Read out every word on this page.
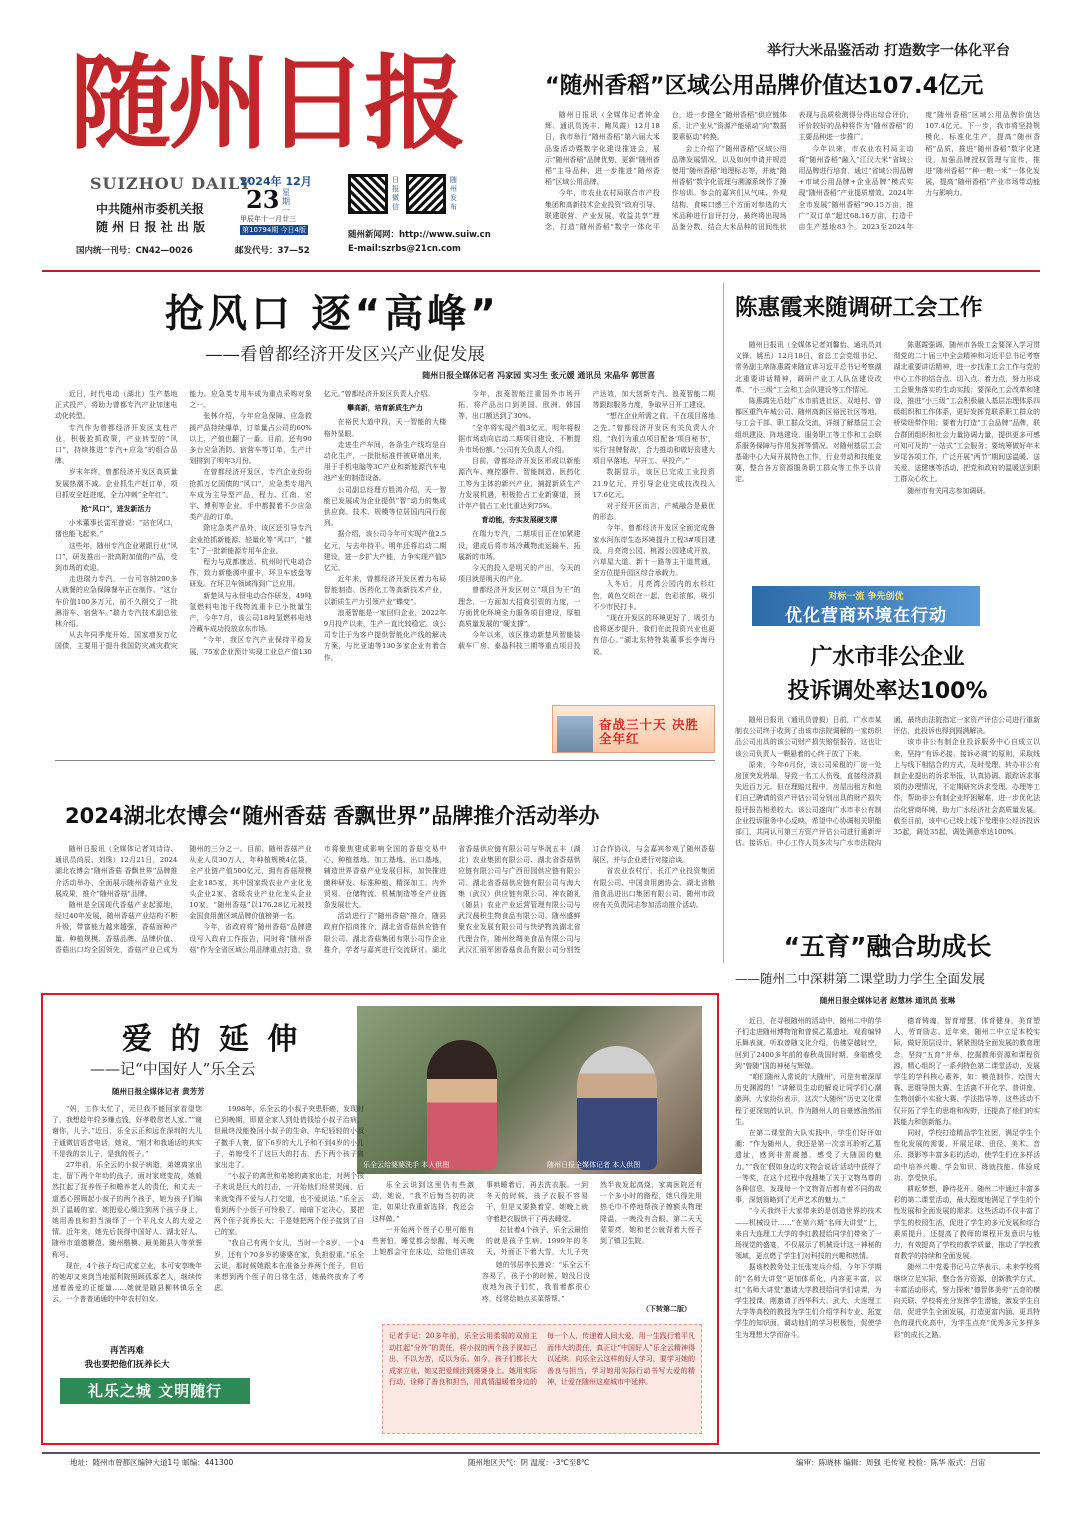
随州日报
SUIZHOU DAILY
中共随州市委机关报
随 州 日 报 社 出 版
2024年 12月
23 星期一
甲辰年十一月廿三
第10794期 今日4版
日报微信
随州发布
随州新闻网：http://www.suiw.cn
国内统一刊号：CN42—0026	邮发代号：37—52	E-mail:szrbs@21cn.com
举行大米品鉴活动 打造数字一体化平台
“随州香稻”区域公用品牌价值达107.4亿元

随州日报讯（全媒体记者钟金辉、通讯员汤丰、鲍凤霞）12月18日，我市举行“随州香稻”第六届大米品鉴活动暨数字化建设推进会，展示“随州香稻”品牌优势，更新“随州香稻”主导品种，进一步推进“随州香稻”区域公用品牌。

今年，市农业农村局联合市产投集团和高新技术企业投资“政府引导、联建联营、产业发展、收益共享”理念，打造“随州香稻”数字一体化平台，进一步健全“随州香稻”供应链体系，让产业从“资源产能驱动”向“数据要素驱动”转换。

会上介绍了“随州香稻”区域公用品牌发展情况，以及如何申请并规范使用“随州香稻”地理标志等，并就“随州香稻”数字化管理与溯源系统作了操作培训。参会的嘉宾们从气味、外观结构、食味口感三个方面对参选的大米品种进行盲评打分，最终将出现场品鉴分数，结合大米品种的田间性状表现与品质检测得分得出综合评价，评价较好的品种将作为“随州香稻”的主要品种进一步推广。

今年以来，市农业农村局主动将“随州香稻”融入“江汉大米”省域公用品牌进行培育，通过“省域公用品牌+市域公用品牌+企业品牌”模式实现“随州香稻”产业提质增效。2024年全市发展“随州香稻”90.15万亩，推广“双订单”超过68.16万亩，打造千亩生产基地83个。2023至2024年度“随州香稻”区域公用品牌价值达107.4亿元。下一步，我市将坚持规模化、标准化生产，提高“随州香稻”品质，推进“随州香稻”数字化建设，加强品牌授权管理与宣传，推进“随州香稻”“种一粮一米”一体化发展，提高“随州香稻”产业市场带动能力与影响力。

抢风口 逐“高峰”
——看曾都经济开发区兴产业促发展
随州日报全媒体记者 冯家园 实习生 张元媛 通讯员 宋晶华 郭世喜

近日，时代电动（湖北）生产基地正式投产，将助力曾都专汽产业加速电动化转型。

专汽作为曾都经济开发区支柱产业，积极抢抓政策，产业转型的“风口”，持续推进“专汽+应急”的组合品牌。

岁末年终，曾都经济开发区高质量发展热潮不减。企业抓生产赶订单，项目抓安全赶进度，全力冲刺“全年红”。

抢“风口”，进发新活力

小米董事长雷军曾说：“站在风口，猪也能飞起来。”

这些年，随州专汽企业紧跟行业“风口”，研发推出一批高附加值的产品，受到市场的欢迎。

走进瑞力专汽，一台可容纳200多人就餐的应急保障餐车正在制作。“这台车价值100多万元，前不久刚交了一批淋浴车、宿营车。”瑞力专汽技术副总张林介绍。

从去年同季度开始，国家增发万亿国债，主要用于提升我国防灾减灾救灾能力。应急类专用车成为重点采购对象之一。

张林介绍，今年应急保障、应急救援产品持续爆单，订单量占公司的60%以上，产值也翻了一番。目前，还有90多台应急消防、宿营车等订单，生产计划排到了明年3月份。

在曾都经济开发区，专汽企业纷纷抢抓万亿国债的“风口”，应急类专用汽车成为主导型产品，程力、江南、宏宇、博利等企业，手中都握着不少应急类产品的订单。

除应急类产品外，该区还引导专汽企业抢抓新能源、轻量化等“风口”，“催生”了一批新能源专用车企业。

程力与成都康达、杭州时代电动合作，致力新能源中重卡，环卫车底盘等研发。在环卫车领域得到广泛应用。

新楚风与永恒电动合作研发，49吨氢燃料电池干线物流重卡已小批量生产，今年7月，该公司18吨氢燃料电池冷藏车成功投放京东市场。

“今年，我区专汽产业保持平稳发展，75家企业预计实现工业总产值130亿元。”曾都经济开发区负责人介绍。

攀高新，培育新质生产力

在裕民大道中段，天一智能的大楼格外显眼。

走进生产车间，各条生产线均是自动化生产，一批批标准件被研磨出来，用于手机电脑等3C产业和新能源汽车电池产业的制造设备。

公司副总经理方胜鸿介绍，天一智能已发展成为企业提供“智”动力的集成供应商。技术、规模等位居国内同行前列。

据介绍，该公司今年可实现产值2.5亿元，与去年持平。明年还将启动二期建设，进一步扩大产能，力争实现产值5亿元。

近年来，曾都经济开发区着力布局智能制造、医药化工等高新技术产业，以新质生产力引领产业“蝶变”。

浪菱智能是一家回归企业，2022年9月投产以来，生产一直比较稳定。该公司专注于为客户提供智能化产线的解决方案，与比亚迪等130多家企业有着合作。

今年，浪菱智能注重国外市场开拓，将产品出口到美国、欧洲、韩国等，出口额达到了30%。

“全年将实现产值3亿元，明年将根据市场动向启动二期项目建设，不断提升市场份额。”公司有关负责人介绍。

目前，曾都经济开发区形成以新能源汽车、瘦控器件、智能制造、医药化工等为主体的新兴产业，捕捉新质生产力发展机遇，积极抢占工业新赛道，预计年产值占工业比重达到75%。

育动能，夯实发展硬支撑

在瑞力专汽，二期项目正在加紧建设，建成后将市场冷藏物流运输车，拓展新的市场。

今天的投入是明天的产出，今天的项目就是明天的产业。

曾都经济开发区树立“项目为王”的理念，一方面加大招商引资的力度，一方面优化环境全力服务项目建设，厚植高质量发展的“硬支撑”。

今年以来，该区推动新楚风智能装载车厂房、泰晶科技三期等重点项目投产达效，加大创新专汽、浪菱智能二期等跟踪服务力度，争取早日开工建设。

“想在企业所需之前，干在项目落地之先。”曾都经济开发区有关负责人介绍，“我们为重点项目配备‘项目秘书’，实行‘挂牌督战’，合力推动和做好资建大项目早落地、早开工、早投产。”

数据显示，该区已完成工业投资21.9亿元，并引导企业完成技改投入17.6亿元。

对于经开区而言，产城融合是最优的形态。

今年，曾都经济开发区全面完成鲁家水河东岸生态环境提升工程3#项目建设，月亮湾公园、桃源公园建成开放，六草屋大道、新十一路等主干道贯通，全方位提升园区综合承载力。

入冬后，月亮湾公园内的水杉红色，黄色交织在一起，色彩浓郁，吸引不少市民打卡。

“现在开发区的环境更好了，吸引力也将逐步提升，我们在此投资兴业也更有信心。”湖北东特特装董事长李海丹说。

奋战三十天 决胜全年红
陈惠霞来随调研工会工作

随州日报讯（全媒体记者刘馨怡、通讯员刘义锋、姚岳）12月18日，省总工会党组书记、常务副主席陈惠霞来随宣讲习近平总书记考察湖北重要讲话精神，调研产业工人队伍建设改革、“小三级”工会和工会队建设等工作情况。

陈惠霞先后赴广水市前进社区、双地村、曾都区重汽车城公司、随州高新区裕民社区等地，与工会干部、职工群众交流，详细了解基层工会组织建设、阵地建设、服务职工等工作和工会联系服务保障与作用发挥等情况。对随州基层工会基础中心大局开展特色工作，行业劳动和技能竞赛，整合各方资源服务职工群众等工作予以肯定。

陈惠霞强调，随州市各级工会要深入学习贯彻党的二十届三中全会精神和习近平总书记考察湖北重要讲话精神，进一步找准工会工作与党的中心工作的结合点、切入点、着力点，努力形成工会聚焦落实的生动实践；要深化工会改革和建设，推进“小三级”工会积极融入基层治理体系四级组织和工作体系，更好发挥党联系职工群众的桥梁纽带作用；要着力打造“工会品牌”品牌，联合群团组织和社会力量协调力量，提供更多可感可知可及的“一站式”工会服务；要统筹做好年末岁尾各项工作，广泛开展“两节”期间送温暖、送关爱、送健康等活动，把党和政府的温暖送到职工群众心坎上。

随州市有关同志参加调研。

对标一流 争先创优
优化营商环境在行动
广水市非公企业
投诉调处率达100%

随州日报讯（通讯员曾毅）日前，广水市某制衣公司终于收到了由该市法院调解的一家纺织品公司出具的该公司财产损失赔偿报告。这也让该公司负责人一颗悬着的心终于放了下来。

原来，今年6月份，该公司采租的厂房一处房顶突发坍塌，导致一名工人伤残，直接经济损失近百万元。但在理赔过程中，房屋出租方和他们自己聘请的资产评估公司分别出具的财产损失报评报告相差较大。该公司遂向广水市非公有制企业投诉服务中心反映，希望中心协调相关职能部门，共同认可第三方资产评估公司进行重新评估。接诉后，中心工作人员多次与广水市法院沟通，最终由法院指定一家资产评估公司进行重新评估，此投诉也得到圆满解决。

该市非公有制企业投诉服务中心自成立以来，坚持“有诉必接、接诉必调”的原则，采取线上与线下相结合的方式，及时受理、转办非公有制企业提出的诉求举报，认真协调、跟踪诉求事项的办理情况，不定期研究诉求受理、办理等工作，帮助非公有制企业纾困解难，进一步优化法治化营商环境，助力广水经济社会高质量发展。截至目前，该中心已线上线下受理非公经济投诉35起，调处35起，调处满意率达100%。

2024湖北农博会“随州香菇 香飘世界”品牌推介活动举办

随州日报讯（全媒体记者刘诗诗、通讯员尚辰、刘珠）12月21日，2024湖北农博会“随州香菇 香飘世界”品牌推介活动举办，全面展示随州香菇产业发展成果，推介“随州香菇”品牌。

随州是全国现代香菇产业起源地，经过40年发展，随州香菇产业结构不断升级，带富能力越来越强，香菇面种产量、种植规模、香菇品牌、品牌价值、香菇出口均全国领先，香菇产业已成为随州的三分之一。目前，随州香菇产业从业人员30万人，年种植规模4亿袋，全产业链产值500亿元，拥有香菇规模企业185家，其中国家级农业产业化龙头企业2家、省级农业产业化龙头企业10家。“随州香菇”以176.28亿元被授金国食用菌区域品牌价值榜第一名。

今年，省政府将“随州香菇”品牌建设写入政府工作报告，同时将“随州香菇”作为全省区域公用品牌重点打造，我市将聚焦建成影响全国的香菇交易中心、种植基地、加工基地、出口基地，辅造世界香菇产业发展目标，加快推进菌种研发、标准种植、精深加工、内外贸易、仓储物流、机械制造等全产业链条发展壮大。

活动进行了“随州香菇”推介，随县政府作招商推介，湖北省香菇供应链有限公司、湖北香菇集团有限公司作企业推介，学者与嘉宾进行交流研讨。湖北省香菇供应链有限公司与华润五丰（湖北）农业集团有限公司、湖北省香菇供应链有限公司与广西田园供应链有限公司、湖北省香菇供应链有限公司与海大集（武汉）供应链有限公司、神农随礼（随县）农业产业运营管理有限公司与武汉晨积生物食品有限公司、随州盛鲜聚农业发展有限公司与快驴物流湖北省代理合作，随州丝绸美食品有限公司与武汉汇丽军团香菇食品有限公司分别签订合作协议，与会嘉宾参观了随州香菇展区，并与企业进行对接洽谈。

省农业农村厅、长江产业投资集团有限公司、中国食用菌协会、湖北省粮油食品进出口集团有限公司、随州市政府有关负责同志参加活动推介活动。

爱 的 延 伸
——记“中国好人”乐全云
随州日报全媒体记者 黄芳芳
乐全云给婆婆洗手 本人供图	随州日报全媒体记者 本人供图

“妈，工作太忙了，元旦我不能回家看望您了，我想趁年轻多赚点钱，好孝敬您老人家。”“谢谢你，儿子。”近日，乐全云正和远在深圳的大儿子通微信语音电话，她说，“刚才和我通话的其实不是我的亲儿子，是我的侄子。”

27年前，乐全云的小叔子病逝，弟媳离家出走，留下两个年幼的孩子，面对家庭变故，她毅然扛起了抚养侄子和赡养老人的责任，和丈夫一道悉心照顾起小叔子的两个孩子，她为孩子们编织了温暖的家，她把爱心倾注到两个孩子身上，她用善良和担当演绎了一个平凡女人的大爱之情。近年来，她先后获得中国好人、湖北好人、随州市道德模范、随州楷模、最美随县人等荣誉称号。

现在，4个孩子均已成家立业，本可安享晚年的她却又来到当地福利院照顾孤寡老人，继续传递着善爱的正能量……她就是随县柳林镇乐全云，一个普普通通的中年农村妇女。

1998年，乐全云的小叔子突患肝癌，发现时已到晚期，即便全家人到处借钱给小叔子治病，但最终没能挽回小叔子的生命。年纪轻轻的小叔子撒手人寰，留下6岁的大儿子和不到4岁的小儿子，弟媳受不了这巨大的打击，丢下两个孩子离家出走了。

“小叔子的离世和弟媳的离家出走，对两个孩子来说是巨大的打击，一开始他们经常哭闹，后来就变得不爱与人打交道，也不爱说话。”乐全云看到两个小侄子可怜极了，暗暗下定决心，要把两个侄子抚养长大；于是她把两个侄子接到了自己的家。

“我自己有两个女儿，当时一个8岁，一个4岁，还有个70多岁的婆婆在家，负担很重。”乐全云说，那时候她跟本在准备分养两个侄子，但后来想到两个侄子的日常生活，她最终放弃了考虑。

乐全云说到这里仍有些激动，她说，“我不后悔当初的决定，如果让我重新选择，我还会这样做。”

一开始两个侄子心里可能有些害怕，睡觉都会惊醒，每天晚上她都会守在床边，给他们讲故事哄睡着后，再去洗衣服。一到冬天的时候，孩子衣服不容易干，但是又要换着穿，她晚上就守着把衣服烘干了再去睡觉。

拉扯着4个孩子，乐全云最怕的就是孩子生病。1999年的冬天，外面正下着大雪，大儿子突然半夜发起高烧，家离医院还有一个多小时的路程，她只得先用热毛巾不停地帮孩子擦额头物理降温，一晚没有合眼。第二天天蒙蒙亮，她和老公就背着大侄子到了镇卫生院。

她的邻居李长莲说：“乐全云不容易了，孩子小的时候，她没日没夜地为孩子们忙，我看着都很心疼，经常给她点买菜帮帮。”

（下转第二版）
再苦再难
我也要把他们抚养长大
礼乐之城 文明随行
记者手记：20多年前，乐全云用柔弱的双肩主动扛起“分外”的责任，将小叔的两个孩子视如己出，不以为苦，反以为乐。如今，孩子们都长大成家立业，她又把爱倾注到婆婆身上。她用实际行动，诠释了善良和担当，用真情温暖着身边的每一个人，传递着人间大爱，用一生践行着平凡而伟大的责任，真正让“中国好人”乐全云精神得以延续。向乐全云这样的好人学习，要学习她的善良与担当，学习她用实际行动书写大爱的精神，让爱在随州这座城市中延伸。
“五育”融合助成长
——随州二中深耕第二课堂助力学生全面发展
随州日报全媒体记者 赵慧林 通讯员 张琳

近日，在寻根随州的活动中，随州二中的学子们走进随州博物馆和曾侯乙墓遗址，观看编钟乐舞表演，听取曾随文化介绍，仿佛穿越时空，回到了2400多年前的春秋战国时期，身临感受到“曾随”国的神秘与辉煌。

“咱们随州人常说的‘大随州’，可是有着深厚历史渊源的！”讲解员生动的解说让同学们心潮澎湃，大家纷纷表示，这次“大随州”历史文化课程了更深刻的认识，作为随州人的自豪感油然而生。

在第二课堂的大队实践中，学生们好评如潮：“作为随州人，我还是第一次亲耳聆听乙墓遗址，感到非常震撼，感受了大随国的魅力。”“我在‘假如身边的文物会说话’活动中获得了一等奖，在这个过程中我搜集了关于文物鸟尊的各种信息，发现每一个文物背后都有着不同的故事，深刻领略到了无声艺术的魅力。”

“今天我终于大家带来的是创造世界的技术——机械设计……”在第六期“名师大讲堂”上，来自大连理工大学的李红教授给同学们带来了一场视觉的盛宴，不仅展示了机械设计这一神秘的领域，更点燃了学生们对科技的兴趣和热情。

据该校教务处主任张宪兵介绍，今年下学期的“名师大讲堂”更加体系化，内容更丰富，以红“名师大讲堂”邀请大学教授给同学们讲课，为学生授课，刚邀请了西华科大、武大、大连理工大学等高校的教授为学生们介绍学科专业、拓宽学生的知识面，调动他们的学习积极性，促使学生为理想大学而奋斗。

德育铸魂，智育增慧，体育健身，美育塑人，劳育励志。近年来，随州二中立足本校实际，做好顶层设计，紧紧围绕全面发展的教育理念，坚持“五育”并举，挖掘教师资源和课程资源，精心组织了一系列特色第二课堂活动，发展学生的学科核心素养，如：模范制作、绘图大赛、思维导图大赛、生活离不开化学、普讲座、生物创新小实验大赛、学法指导等，这些活动不仅开拓了学生的思维和视野，还提高了他们的实践能力和创新能力。

同时，学校打造精品学生社团，满足学生个性化发展的需要，开展足球、田径、美术、音乐、摄影等丰富多彩的活动，使学生们在多样活动中培养兴趣、学会知识、练就技能、体验成功、享受快乐。

耕耘梦想，静待花开。随州二中通过丰富多彩的第二课堂活动，最大程度地满足了学生的个性发展和全面发展的需求。这些活动不仅丰富了学生的校园生活，促进了学生的多元发展和综合素质提升，还提高了教师的课程开发意识与能力，有效提高了学校的教学质量，推动了学校教育教学的持续和全面发展。

随州二中党委书记马立华表示，未来学校将继续立足实际，整合各方资源，创新教学方式，丰富活动形式，努力探索“德智体美劳”五育的横向关联、学校将充分发挥学生潜能，激发学生自信，促进学生全面发展，打造更富内涵、更具特色的现代化高中，为学生点亮“优秀多元多样多彩”的成长之路。

地址：随州市曾都区编钟大道1号 邮编：441300	随州地区天气：阴 温度：-3℃至8℃	编审：陈晓林 编辑：周强 毛传宽 校检：陈华 版式：吕宙
